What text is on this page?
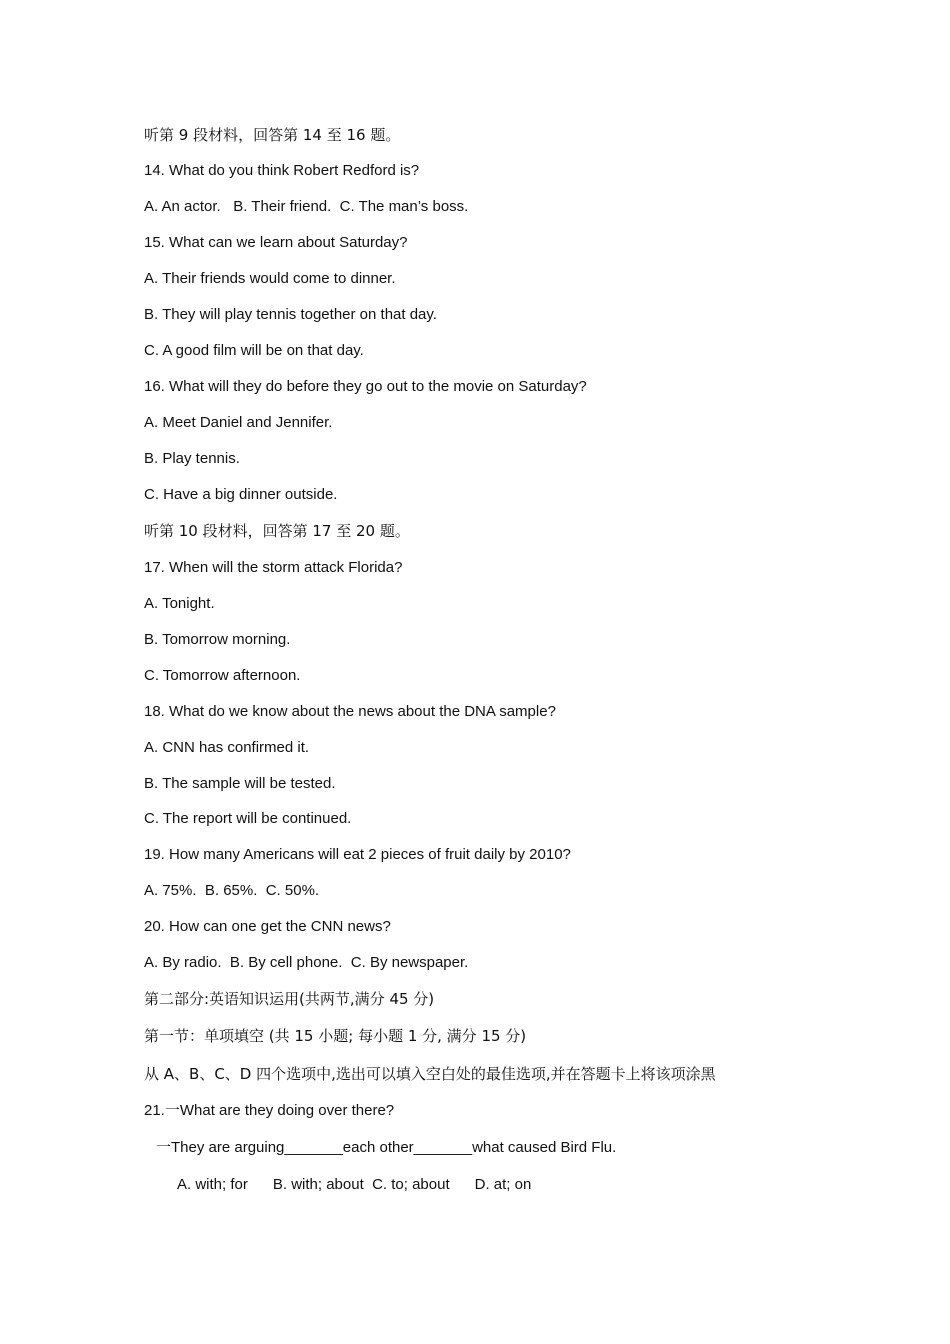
听第 9 段材料，回答第 14 至 16 题。
14. What do you think Robert Redford is?
A. An actor.   B. Their friend.  C. The man’s boss.
15. What can we learn about Saturday?
A. Their friends would come to dinner.
B. They will play tennis together on that day.
C. A good film will be on that day.
16. What will they do before they go out to the movie on Saturday?
A. Meet Daniel and Jennifer.
B. Play tennis.
C. Have a big dinner outside.
听第 10 段材料，回答第 17 至 20 题。
17. When will the storm attack Florida?
A. Tonight.
B. Tomorrow morning.
C. Tomorrow afternoon.
18. What do we know about the news about the DNA sample?
A. CNN has confirmed it.
B. The sample will be tested.
C. The report will be continued.
19. How many Americans will eat 2 pieces of fruit daily by 2010?
A. 75%.  B. 65%.  C. 50%.
20. How can one get the CNN news?
A. By radio.  B. By cell phone.  C. By newspaper.
第二部分:英语知识运用(共两节,满分 45 分)
第一节：单项填空 (共 15 小题; 每小题 1 分, 满分 15 分)
从 A、B、C、D 四个选项中,选出可以填入空白处的最佳选项,并在答题卡上将该项涂黑
21.一What are they doing over there?
一They are arguing_______each other_______what caused Bird Flu.
A. with; for      B. with; about  C. to; about      D. at; on
